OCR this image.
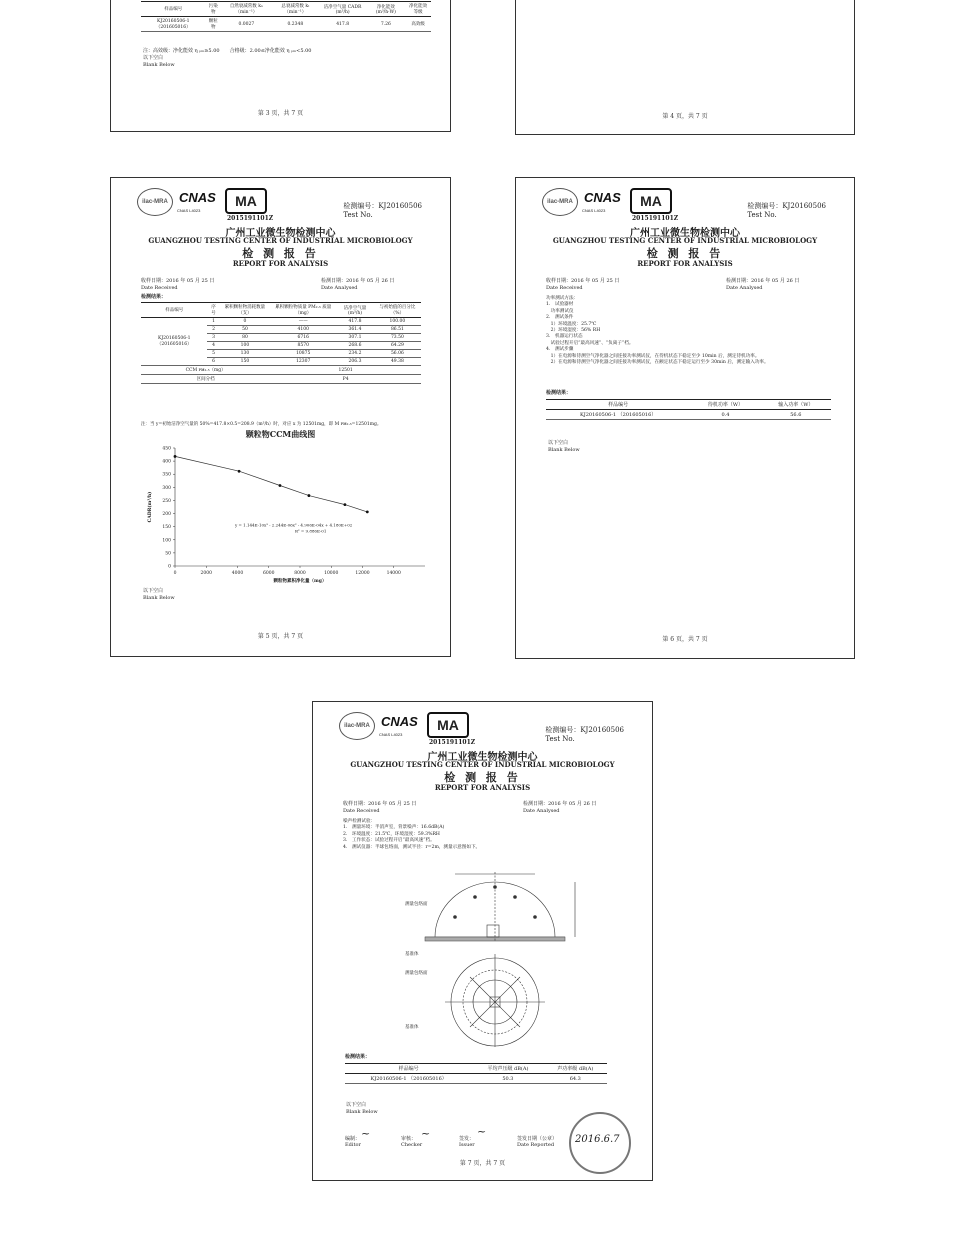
样品编号	污染物	自然衰减常数 kₙ（min⁻¹）	总衰减常数 kₜ（min⁻¹）	洁净空气量 CADR (m³/h)	净化能效 (m³/h·W)	净化能效等级
KJ20160506-1 （201605016）	颗粒物	0.0027	0.2348	417.8	7.26	高效级
注：高效级：净化能效 η ₚₘ≥5.00　　合格级：2.00≤净化能效 η ₚₘ<5.00
以下空白
Blank Below
第 3 页，共 7 页	第 4 页，共 7 页
ilac-MRA CNAS
CNAS L4023
MA
2015191101Z
检测编号：KJ20160506
Test No.
广州工业微生物检测中心
GUANGZHOU TESTING CENTER OF INDUSTRIAL MICROBIOLOGY
检 测 报 告
REPORT FOR ANALYSIS
收样日期：2016 年 05 月 25 日
Date Received
检测日期：2016 年 05 月 26 日
Date Analysed
检测结果：
样品编号	序号	累积颗粒物消耗数量（支）	累积颗粒物质量 PM₂.₅ 质量（mg）	洁净空气量 (m³/h)	与初始值的百分比（%）
KJ20160506-1 （201605016）	1	0	——	417.8	100.00
	2	50	4100	361.4	86.51
	3	80	6716	307.1	73.50
	4	100	8570	268.6	64.29
	5	130	10875	234.2	56.06
	6	150	12307	206.3	49.38
CCM ᴘᴍ₂.₅（mg）			12501		
区间分档			P4		
注：当 y=初始洁净空气量的 50%=417.8×0.5=208.9（m³/h）时，对应 x 为 12501mg，即 M ᴘᴍ₂.₅=12501mg。
颗粒物CCM曲线图
0
50
100
150
200
250
300
350
400
450
0	2000	4000	6000	8000	10000	12000	14000
颗粒物累积净化量（mg）
CADR(m³/h)
y = 1.144E-10x³ - 2.244E-06x² - 4.906E-04x + 4.180E+02
R² = 9.886E-01
以下空白
Blank Below
第 5 页，共 7 页
ilac-MRA CNAS
CNAS L4023
MA
2015191101Z
检测编号：KJ20160506
Test No.
广州工业微生物检测中心
GUANGZHOU TESTING CENTER OF INDUSTRIAL MICROBIOLOGY
检 测 报 告
REPORT FOR ANALYSIS
收样日期：2016 年 05 月 25 日
Date Received
检测日期：2016 年 05 月 26 日
Date Analysed
功率测试方法：
1.　试验器材
　功率测试仪
2.　测试条件
　1）环境温度：25.7℃
　2）环境湿度：56% RH
3.　机器运行状态
　试验过程开启“最高风速”、“负离子”档。
4.　测试步骤
　1）在电源和待测空气净化器之间连接功率测试仪，在待机状态下稳定至少 10min 后，测定待机功率。
　2）在电源和待测空气净化器之间连接功率测试仪，在额定状态下稳定运行至少 30min 后，测定输入功率。
检测结果：
样品编号	待机功率（W）	输入功率（W）
KJ20160506-1 （201605016）	0.4	56.6
以下空白
Blank Below
第 6 页，共 7 页
ilac-MRA CNAS
CNAS L4023
MA
2015191101Z
检测编号：KJ20160506
Test No.
广州工业微生物检测中心
GUANGZHOU TESTING CENTER OF INDUSTRIAL MICROBIOLOGY
检 测 报 告
REPORT FOR ANALYSIS
收样日期：2016 年 05 月 25 日
Date Received
检测日期：2016 年 05 月 26 日
Date Analysed
噪声检测试验：
1.　测量环境：半消声室，背景噪声：16.6dB(A)
2.　环境温度：21.5℃，环境湿度：59.3%RH
3.　工作状态：试验过程开启“最高风速”档。
4.　测试仪器：半球包络面，测试半径：r=2m，测量示意图如下。
测量包络面
基准体
测量包络面
基准体
检测结果：
样品编号	平均声压级 dB(A)	声功率级 dB(A)
KJ20160506-1 （201605016）	50.3	64.3
以下空白
Blank Below
编制：
Editor
~	审核：
Checker
~	签发：
Issuer
~
签发日期（公章）
Date Reported 2016.6.7
第 7 页，共 7 页
